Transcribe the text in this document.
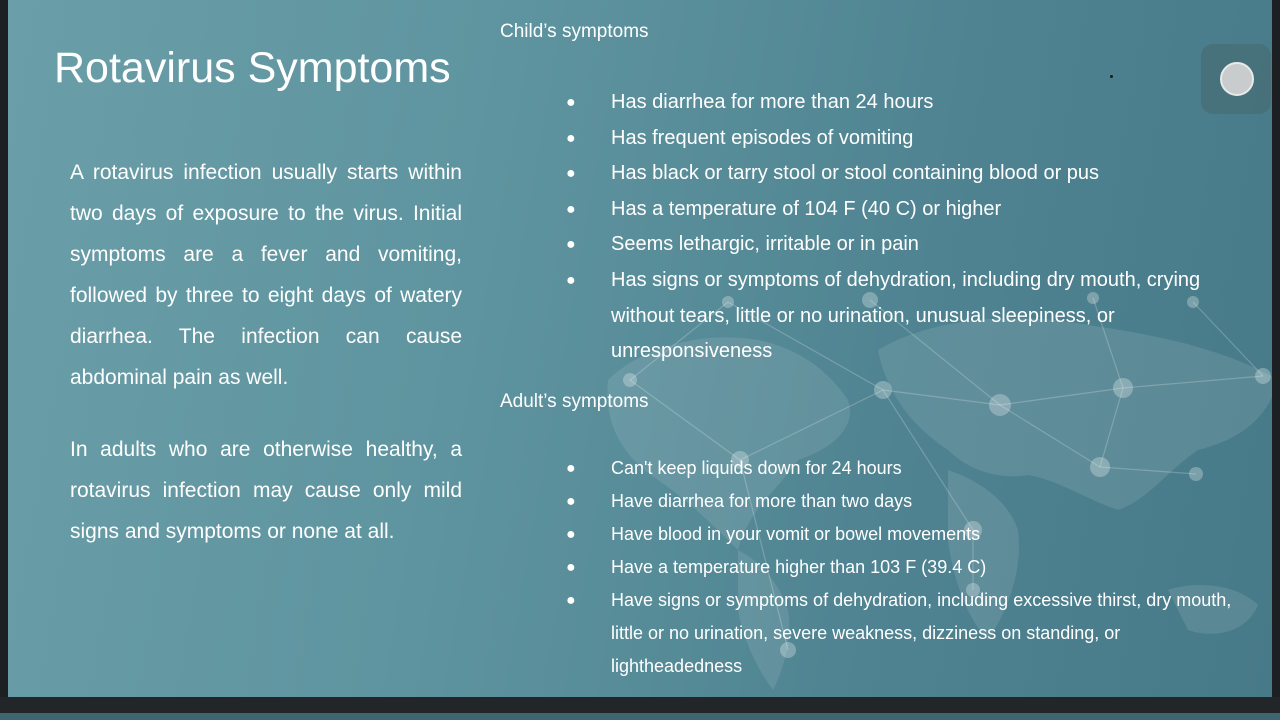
Rotavirus Symptoms

A rotavirus infection usually starts within two days of exposure to the virus. Initial symptoms are a fever and vomiting, followed by three to eight days of watery diarrhea. The infection can cause abdominal pain as well.

In adults who are otherwise healthy, a rotavirus infection may cause only mild signs and symptoms or none at all.

Child’s symptoms
● Has diarrhea for more than 24 hours
● Has frequent episodes of vomiting
● Has black or tarry stool or stool containing blood or pus
● Has a temperature of 104 F (40 C) or higher
● Seems lethargic, irritable or in pain
● Has signs or symptoms of dehydration, including dry mouth, crying without tears, little or no urination, unusual sleepiness, or unresponsiveness
Adult’s symptoms
● Can't keep liquids down for 24 hours
● Have diarrhea for more than two days
● Have blood in your vomit or bowel movements
● Have a temperature higher than 103 F (39.4 C)
● Have signs or symptoms of dehydration, including excessive thirst, dry mouth, little or no urination, severe weakness, dizziness on standing, or lightheadedness
